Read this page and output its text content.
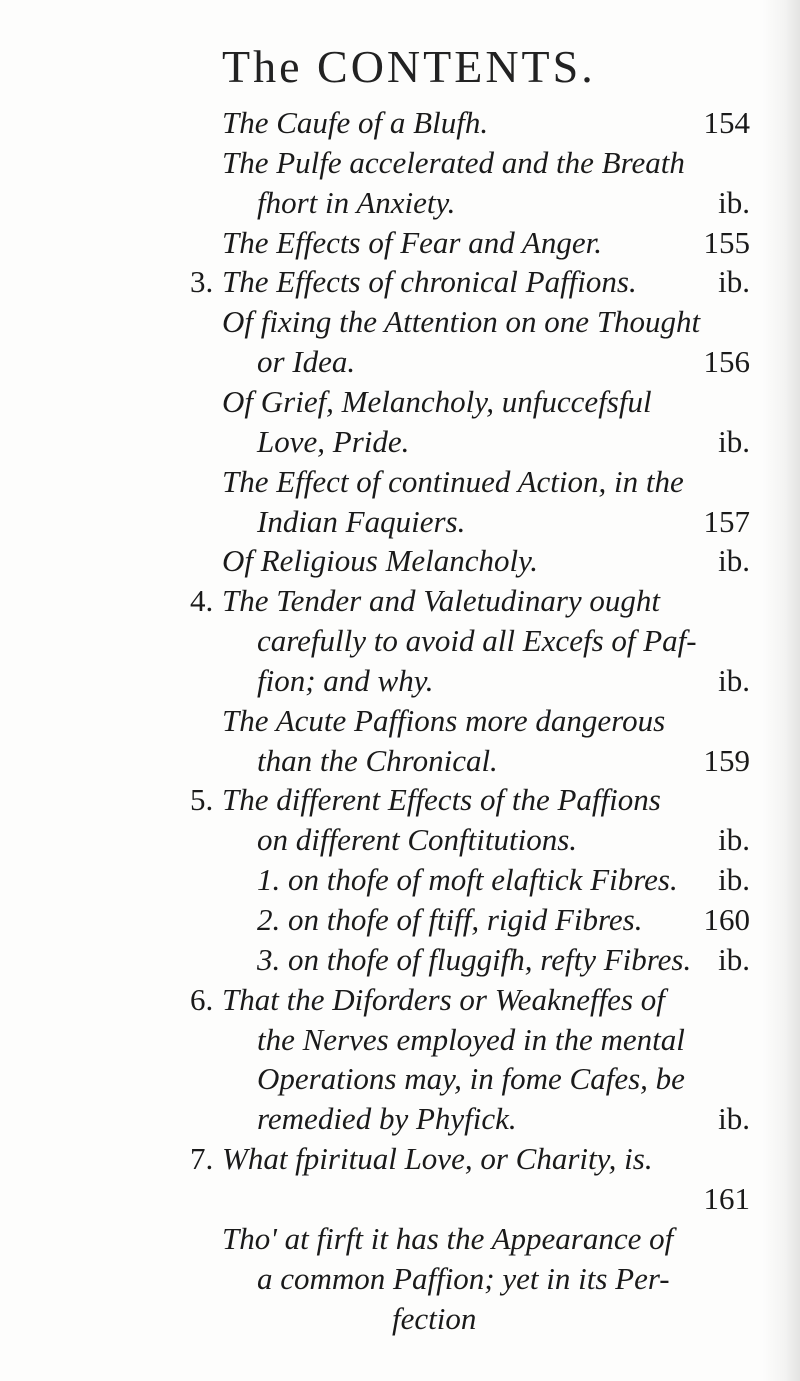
The CONTENTS.
The Caufe of a Blufh.	154
The Pulfe accelerated and the Breath
fhort in Anxiety.	ib.
The Effects of Fear and Anger.	155
3. The Effects of chronical Paffions.	ib.
Of fixing the Attention on one Thought
or Idea.	156
Of Grief, Melancholy, unfuccefsful
Love, Pride.	ib.
The Effect of continued Action, in the
Indian Faquiers.	157
Of Religious Melancholy.	ib.
4. The Tender and Valetudinary ought
carefully to avoid all Excefs of Paf-
fion; and why.	ib.
The Acute Paffions more dangerous
than the Chronical.	159
5. The different Effects of the Paffions
on different Conftitutions.	ib.
1. on thofe of moft elaftick Fibres. ib.
2. on thofe of ftiff, rigid Fibres. 160
3. on thofe of fluggifh, refty Fibres. ib.
6. That the Diforders or Weakneffes of
the Nerves employed in the mental
Operations may, in fome Cafes, be
remedied by Phyfick.	ib.
7. What fpiritual Love, or Charity, is.
161
Tho' at firft it has the Appearance of
a common Paffion; yet in its Per-
fection
